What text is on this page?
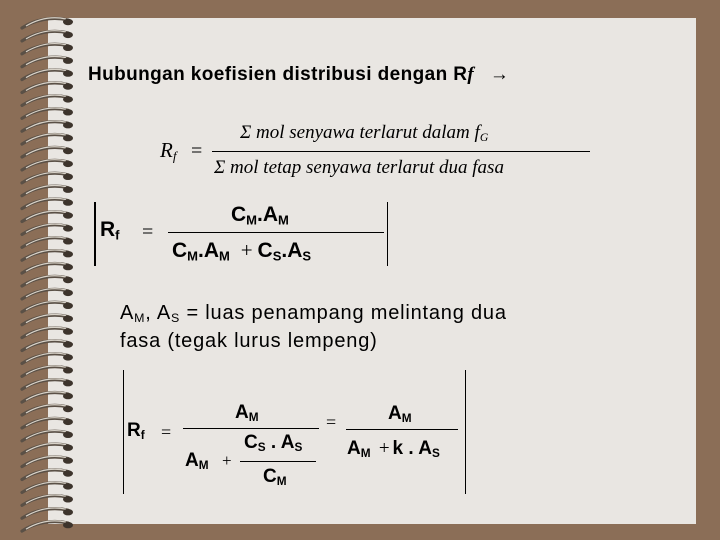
Hubungan koefisien distribusi dengan Rf →
$R_f$ =
Σ mol senyawa terlarut dalam $f_G$
Σ mol tetap senyawa terlarut dua fasa
$R_f$ =
$C_M.A_M$
$C_M.A_M + C_S.A_S$
$A_M$, $A_S$ = luas penampang melintang dua
fasa (tegak lurus lempeng)
$R_f$ =
$A_M$
$A_M$ +
$C_S$ . $A_S$
$C_M$
=	$A_M$
$A_M + k$ . $A_S$
